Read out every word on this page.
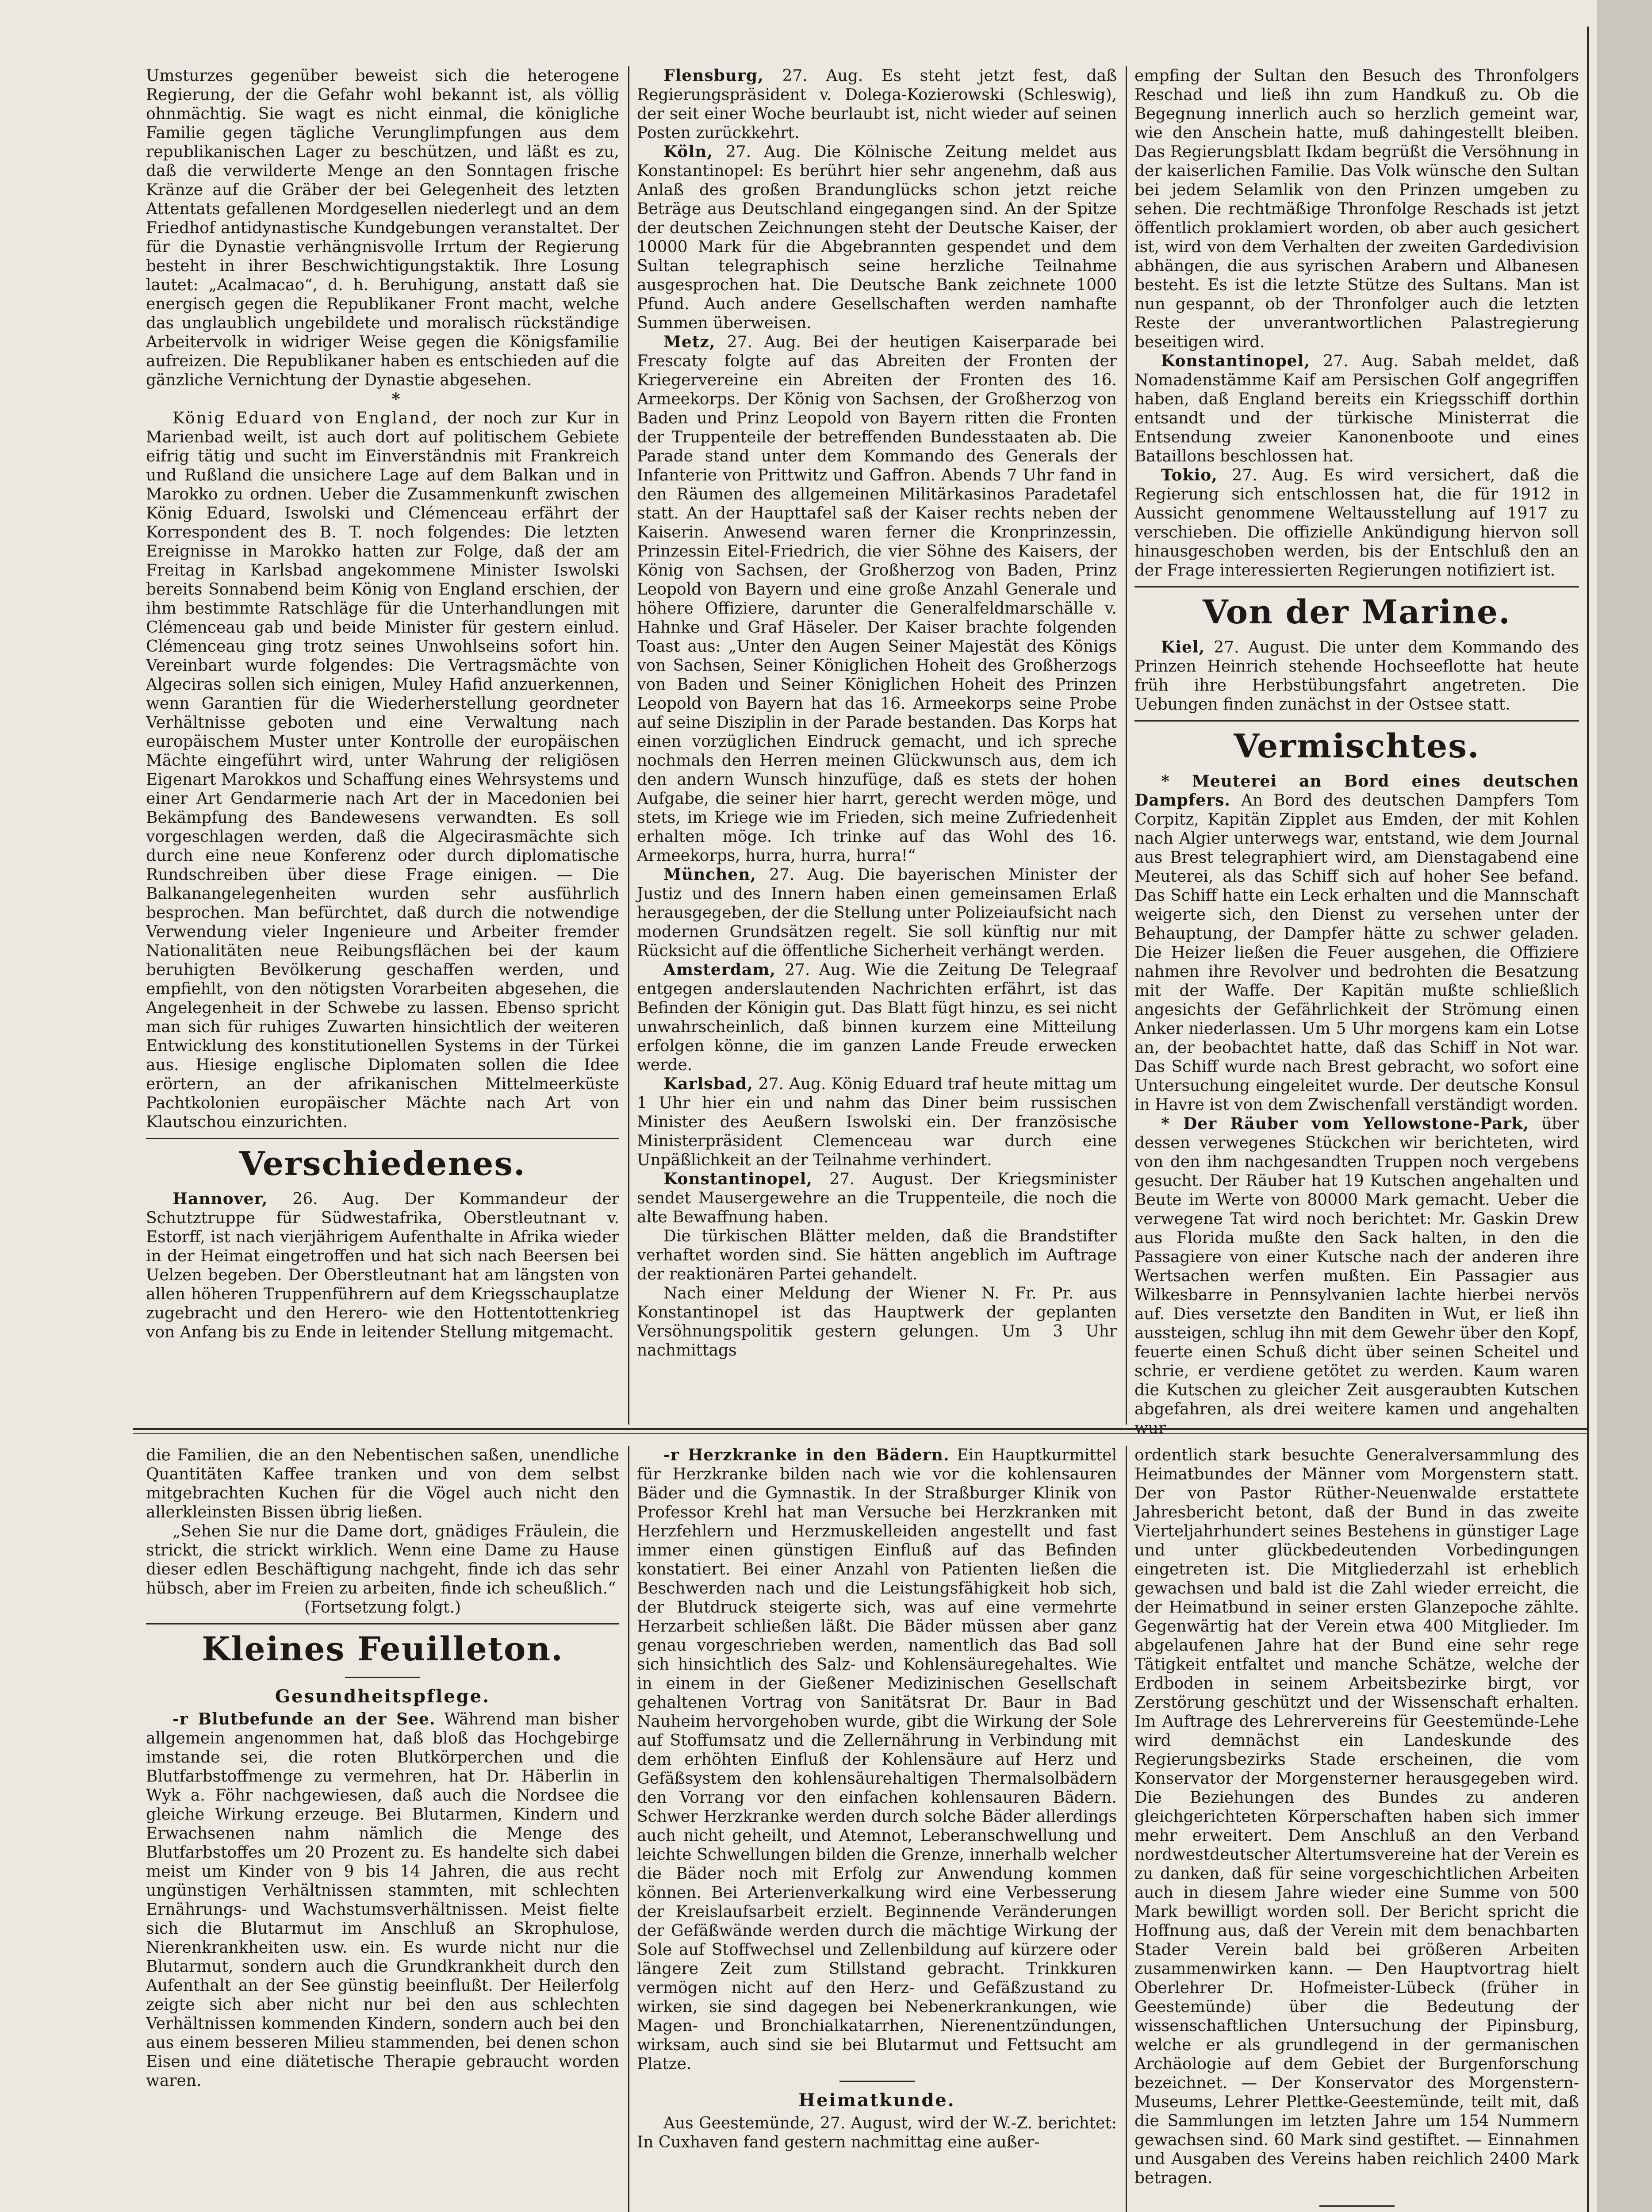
Umsturzes gegenüber beweist sich die heterogene Regierung, der die Gefahr wohl bekannt ist, als völlig ohnmächtig. Sie wagt es nicht einmal, die königliche Familie gegen tägliche Verunglimpfungen aus dem republikanischen Lager zu beschützen, und läßt es zu, daß die verwilderte Menge an den Sonntagen frische Kränze auf die Gräber der bei Gelegenheit des letzten Attentats gefallenen Mordgesellen niederlegt und an dem Friedhof antidynastische Kundgebungen veranstaltet. Der für die Dynastie verhängnisvolle Irrtum der Regierung besteht in ihrer Beschwichtigungstaktik. Ihre Losung lautet: „Acalmacao“, d. h. Beruhigung, anstatt daß sie energisch gegen die Republikaner Front macht, welche das unglaublich ungebildete und moralisch rückständige Arbeitervolk in widriger Weise gegen die Königsfamilie aufreizen. Die Republikaner haben es entschieden auf die gänzliche Vernichtung der Dynastie abgesehen.

*

König Eduard von England, der noch zur Kur in Marienbad weilt, ist auch dort auf politischem Gebiete eifrig tätig und sucht im Einverständnis mit Frankreich und Rußland die unsichere Lage auf dem Balkan und in Marokko zu ordnen. Ueber die Zusammenkunft zwischen König Eduard, Iswolski und Clémenceau erfährt der Korrespondent des B. T. noch folgendes: Die letzten Ereignisse in Marokko hatten zur Folge, daß der am Freitag in Karlsbad angekommene Minister Iswolski bereits Sonnabend beim König von England erschien, der ihm bestimmte Ratschläge für die Unterhandlungen mit Clémenceau gab und beide Minister für gestern einlud. Clémenceau ging trotz seines Unwohlseins sofort hin. Vereinbart wurde folgendes: Die Vertragsmächte von Algeciras sollen sich einigen, Muley Hafid anzuerkennen, wenn Garantien für die Wiederherstellung geordneter Verhältnisse geboten und eine Verwaltung nach europäischem Muster unter Kontrolle der europäischen Mächte eingeführt wird, unter Wahrung der religiösen Eigenart Marokkos und Schaffung eines Wehrsystems und einer Art Gendarmerie nach Art der in Macedonien bei Bekämpfung des Bandewesens verwandten. Es soll vorgeschlagen werden, daß die Algecirasmächte sich durch eine neue Konferenz oder durch diplomatische Rundschreiben über diese Frage einigen. — Die Balkanangelegenheiten wurden sehr ausführlich besprochen. Man befürchtet, daß durch die notwendige Verwendung vieler Ingenieure und Arbeiter fremder Nationalitäten neue Reibungsflächen bei der kaum beruhigten Bevölkerung geschaffen werden, und empfiehlt, von den nötigsten Vorarbeiten abgesehen, die Angelegenheit in der Schwebe zu lassen. Ebenso spricht man sich für ruhiges Zuwarten hinsichtlich der weiteren Entwicklung des konstitutionellen Systems in der Türkei aus. Hiesige englische Diplomaten sollen die Idee erörtern, an der afrikanischen Mittelmeerküste Pachtkolonien europäischer Mächte nach Art von Klautschou einzurichten.

Verschiedenes.

Hannover, 26. Aug. Der Kommandeur der Schutztruppe für Südwestafrika, Oberstleutnant v. Estorff, ist nach vierjährigem Aufenthalte in Afrika wieder in der Heimat eingetroffen und hat sich nach Beersen bei Uelzen begeben. Der Oberstleutnant hat am längsten von allen höheren Truppenführern auf dem Kriegsschauplatze zugebracht und den Herero- wie den Hottentottenkrieg von Anfang bis zu Ende in leitender Stellung mitgemacht.

Flensburg, 27. Aug. Es steht jetzt fest, daß Regierungspräsident v. Dolega-Kozierowski (Schleswig), der seit einer Woche beurlaubt ist, nicht wieder auf seinen Posten zurückkehrt.

Köln, 27. Aug. Die Kölnische Zeitung meldet aus Konstantinopel: Es berührt hier sehr angenehm, daß aus Anlaß des großen Brandunglücks schon jetzt reiche Beträge aus Deutschland eingegangen sind. An der Spitze der deutschen Zeichnungen steht der Deutsche Kaiser, der 10000 Mark für die Abgebrannten gespendet und dem Sultan telegraphisch seine herzliche Teilnahme ausgesprochen hat. Die Deutsche Bank zeichnete 1000 Pfund. Auch andere Gesellschaften werden namhafte Summen überweisen.

Metz, 27. Aug. Bei der heutigen Kaiserparade bei Frescaty folgte auf das Abreiten der Fronten der Kriegervereine ein Abreiten der Fronten des 16. Armeekorps. Der König von Sachsen, der Großherzog von Baden und Prinz Leopold von Bayern ritten die Fronten der Truppenteile der betreffenden Bundesstaaten ab. Die Parade stand unter dem Kommando des Generals der Infanterie von Prittwitz und Gaffron. Abends 7 Uhr fand in den Räumen des allgemeinen Militärkasinos Paradetafel statt. An der Haupttafel saß der Kaiser rechts neben der Kaiserin. Anwesend waren ferner die Kronprinzessin, Prinzessin Eitel-Friedrich, die vier Söhne des Kaisers, der König von Sachsen, der Großherzog von Baden, Prinz Leopold von Bayern und eine große Anzahl Generale und höhere Offiziere, darunter die Generalfeldmarschälle v. Hahnke und Graf Häseler. Der Kaiser brachte folgenden Toast aus: „Unter den Augen Seiner Majestät des Königs von Sachsen, Seiner Königlichen Hoheit des Großherzogs von Baden und Seiner Königlichen Hoheit des Prinzen Leopold von Bayern hat das 16. Armeekorps seine Probe auf seine Disziplin in der Parade bestanden. Das Korps hat einen vorzüglichen Eindruck gemacht, und ich spreche nochmals den Herren meinen Glückwunsch aus, dem ich den andern Wunsch hinzufüge, daß es stets der hohen Aufgabe, die seiner hier harrt, gerecht werden möge, und stets, im Kriege wie im Frieden, sich meine Zufriedenheit erhalten möge. Ich trinke auf das Wohl des 16. Armeekorps, hurra, hurra, hurra!“

München, 27. Aug. Die bayerischen Minister der Justiz und des Innern haben einen gemeinsamen Erlaß herausgegeben, der die Stellung unter Polizeiaufsicht nach modernen Grundsätzen regelt. Sie soll künftig nur mit Rücksicht auf die öffentliche Sicherheit verhängt werden.

Amsterdam, 27. Aug. Wie die Zeitung De Telegraaf entgegen anderslautenden Nachrichten erfährt, ist das Befinden der Königin gut. Das Blatt fügt hinzu, es sei nicht unwahrscheinlich, daß binnen kurzem eine Mitteilung erfolgen könne, die im ganzen Lande Freude erwecken werde.

Karlsbad, 27. Aug. König Eduard traf heute mittag um 1 Uhr hier ein und nahm das Diner beim russischen Minister des Aeußern Iswolski ein. Der französische Ministerpräsident Clemenceau war durch eine Unpäßlichkeit an der Teilnahme verhindert.

Konstantinopel, 27. August. Der Kriegsminister sendet Mausergewehre an die Truppenteile, die noch die alte Bewaffnung haben.

Die türkischen Blätter melden, daß die Brandstifter verhaftet worden sind. Sie hätten angeblich im Auftrage der reaktionären Partei gehandelt.

Nach einer Meldung der Wiener N. Fr. Pr. aus Konstantinopel ist das Hauptwerk der geplanten Versöhnungspolitik gestern gelungen. Um 3 Uhr nachmittags

empfing der Sultan den Besuch des Thronfolgers Reschad und ließ ihn zum Handkuß zu. Ob die Begegnung innerlich auch so herzlich gemeint war, wie den Anschein hatte, muß dahingestellt bleiben. Das Regierungsblatt Ikdam begrüßt die Versöhnung in der kaiserlichen Familie. Das Volk wünsche den Sultan bei jedem Selamlik von den Prinzen umgeben zu sehen. Die rechtmäßige Thronfolge Reschads ist jetzt öffentlich proklamiert worden, ob aber auch gesichert ist, wird von dem Verhalten der zweiten Gardedivision abhängen, die aus syrischen Arabern und Albanesen besteht. Es ist die letzte Stütze des Sultans. Man ist nun gespannt, ob der Thronfolger auch die letzten Reste der unverantwortlichen Palastregierung beseitigen wird.

Konstantinopel, 27. Aug. Sabah meldet, daß Nomadenstämme Kaif am Persischen Golf angegriffen haben, daß England bereits ein Kriegsschiff dorthin entsandt und der türkische Ministerrat die Entsendung zweier Kanonenboote und eines Bataillons beschlossen hat.

Tokio, 27. Aug. Es wird versichert, daß die Regierung sich entschlossen hat, die für 1912 in Aussicht genommene Weltausstellung auf 1917 zu verschieben. Die offizielle Ankündigung hiervon soll hinausgeschoben werden, bis der Entschluß den an der Frage interessierten Regierungen notifiziert ist.

Von der Marine.

Kiel, 27. August. Die unter dem Kommando des Prinzen Heinrich stehende Hochseeflotte hat heute früh ihre Herbstübungsfahrt angetreten. Die Uebungen finden zunächst in der Ostsee statt.

Vermischtes.

* Meuterei an Bord eines deutschen Dampfers. An Bord des deutschen Dampfers Tom Corpitz, Kapitän Zipplet aus Emden, der mit Kohlen nach Algier unterwegs war, entstand, wie dem Journal aus Brest telegraphiert wird, am Dienstagabend eine Meuterei, als das Schiff sich auf hoher See befand. Das Schiff hatte ein Leck erhalten und die Mannschaft weigerte sich, den Dienst zu versehen unter der Behauptung, der Dampfer hätte zu schwer geladen. Die Heizer ließen die Feuer ausgehen, die Offiziere nahmen ihre Revolver und bedrohten die Besatzung mit der Waffe. Der Kapitän mußte schließlich angesichts der Gefährlichkeit der Strömung einen Anker niederlassen. Um 5 Uhr morgens kam ein Lotse an, der beobachtet hatte, daß das Schiff in Not war. Das Schiff wurde nach Brest gebracht, wo sofort eine Untersuchung eingeleitet wurde. Der deutsche Konsul in Havre ist von dem Zwischenfall verständigt worden.

* Der Räuber vom Yellowstone-Park, über dessen verwegenes Stückchen wir berichteten, wird von den ihm nachgesandten Truppen noch vergebens gesucht. Der Räuber hat 19 Kutschen angehalten und Beute im Werte von 80000 Mark gemacht. Ueber die verwegene Tat wird noch berichtet: Mr. Gaskin Drew aus Florida mußte den Sack halten, in den die Passagiere von einer Kutsche nach der anderen ihre Wertsachen werfen mußten. Ein Passagier aus Wilkesbarre in Pennsylvanien lachte hierbei nervös auf. Dies versetzte den Banditen in Wut, er ließ ihn aussteigen, schlug ihn mit dem Gewehr über den Kopf, feuerte einen Schuß dicht über seinen Scheitel und schrie, er verdiene getötet zu werden. Kaum waren die Kutschen zu gleicher Zeit ausgeraubten Kutschen abgefahren, als drei weitere kamen und angehalten wur-

die Familien, die an den Nebentischen saßen, unendliche Quantitäten Kaffee tranken und von dem selbst mitgebrachten Kuchen für die Vögel auch nicht den allerkleinsten Bissen übrig ließen.

„Sehen Sie nur die Dame dort, gnädiges Fräulein, die strickt, die strickt wirklich. Wenn eine Dame zu Hause dieser edlen Beschäftigung nachgeht, finde ich das sehr hübsch, aber im Freien zu arbeiten, finde ich scheußlich.“

(Fortsetzung folgt.)

Kleines Feuilleton.
Gesundheitspflege.

-r Blutbefunde an der See. Während man bisher allgemein angenommen hat, daß bloß das Hochgebirge imstande sei, die roten Blutkörperchen und die Blutfarbstoffmenge zu vermehren, hat Dr. Häberlin in Wyk a. Föhr nachgewiesen, daß auch die Nordsee die gleiche Wirkung erzeuge. Bei Blutarmen, Kindern und Erwachsenen nahm nämlich die Menge des Blutfarbstoffes um 20 Prozent zu. Es handelte sich dabei meist um Kinder von 9 bis 14 Jahren, die aus recht ungünstigen Verhältnissen stammten, mit schlechten Ernährungs- und Wachstumsverhältnissen. Meist fielte sich die Blutarmut im Anschluß an Skrophulose, Nierenkrankheiten usw. ein. Es wurde nicht nur die Blutarmut, sondern auch die Grundkrankheit durch den Aufenthalt an der See günstig beeinflußt. Der Heilerfolg zeigte sich aber nicht nur bei den aus schlechten Verhältnissen kommenden Kindern, sondern auch bei den aus einem besseren Milieu stammenden, bei denen schon Eisen und eine diätetische Therapie gebraucht worden waren.

-r Herzkranke in den Bädern. Ein Hauptkurmittel für Herzkranke bilden nach wie vor die kohlensauren Bäder und die Gymnastik. In der Straßburger Klinik von Professor Krehl hat man Versuche bei Herzkranken mit Herzfehlern und Herzmuskelleiden angestellt und fast immer einen günstigen Einfluß auf das Befinden konstatiert. Bei einer Anzahl von Patienten ließen die Beschwerden nach und die Leistungsfähigkeit hob sich, der Blutdruck steigerte sich, was auf eine vermehrte Herzarbeit schließen läßt. Die Bäder müssen aber ganz genau vorgeschrieben werden, namentlich das Bad soll sich hinsichtlich des Salz- und Kohlensäuregehaltes. Wie in einem in der Gießener Medizinischen Gesellschaft gehaltenen Vortrag von Sanitätsrat Dr. Baur in Bad Nauheim hervorgehoben wurde, gibt die Wirkung der Sole auf Stoffumsatz und die Zellernährung in Verbindung mit dem erhöhten Einfluß der Kohlensäure auf Herz und Gefäßsystem den kohlensäurehaltigen Thermalsolbädern den Vorrang vor den einfachen kohlensauren Bädern. Schwer Herzkranke werden durch solche Bäder allerdings auch nicht geheilt, und Atemnot, Leberanschwellung und leichte Schwellungen bilden die Grenze, innerhalb welcher die Bäder noch mit Erfolg zur Anwendung kommen können. Bei Arterienverkalkung wird eine Verbesserung der Kreislaufsarbeit erzielt. Beginnende Veränderungen der Gefäßwände werden durch die mächtige Wirkung der Sole auf Stoffwechsel und Zellenbildung auf kürzere oder längere Zeit zum Stillstand gebracht. Trinkkuren vermögen nicht auf den Herz- und Gefäßzustand zu wirken, sie sind dagegen bei Nebenerkrankungen, wie Magen- und Bronchialkatarrhen, Nierenentzündungen, wirksam, auch sind sie bei Blutarmut und Fettsucht am Platze.

Heimatkunde.

Aus Geestemünde, 27. August, wird der W.-Z. berichtet: In Cuxhaven fand gestern nachmittag eine außer-

ordentlich stark besuchte Generalversammlung des Heimatbundes der Männer vom Morgenstern statt. Der von Pastor Rüther-Neuenwalde erstattete Jahresbericht betont, daß der Bund in das zweite Vierteljahrhundert seines Bestehens in günstiger Lage und unter glückbedeutenden Vorbedingungen eingetreten ist. Die Mitgliederzahl ist erheblich gewachsen und bald ist die Zahl wieder erreicht, die der Heimatbund in seiner ersten Glanzepoche zählte. Gegenwärtig hat der Verein etwa 400 Mitglieder. Im abgelaufenen Jahre hat der Bund eine sehr rege Tätigkeit entfaltet und manche Schätze, welche der Erdboden in seinem Arbeitsbezirke birgt, vor Zerstörung geschützt und der Wissenschaft erhalten. Im Auftrage des Lehrervereins für Geestemünde-Lehe wird demnächst ein Landeskunde des Regierungsbezirks Stade erscheinen, die vom Konservator der Morgensterner herausgegeben wird. Die Beziehungen des Bundes zu anderen gleichgerichteten Körperschaften haben sich immer mehr erweitert. Dem Anschluß an den Verband nordwestdeutscher Altertumsvereine hat der Verein es zu danken, daß für seine vorgeschichtlichen Arbeiten auch in diesem Jahre wieder eine Summe von 500 Mark bewilligt worden soll. Der Bericht spricht die Hoffnung aus, daß der Verein mit dem benachbarten Stader Verein bald bei größeren Arbeiten zusammenwirken kann. — Den Hauptvortrag hielt Oberlehrer Dr. Hofmeister-Lübeck (früher in Geestemünde) über die Bedeutung der wissenschaftlichen Untersuchung der Pipinsburg, welche er als grundlegend in der germanischen Archäologie auf dem Gebiet der Burgenforschung bezeichnet. — Der Konservator des Morgenstern-Museums, Lehrer Plettke-Geestemünde, teilt mit, daß die Sammlungen im letzten Jahre um 154 Nummern gewachsen sind. 60 Mark sind gestiftet. — Einnahmen und Ausgaben des Vereins haben reichlich 2400 Mark betragen.
